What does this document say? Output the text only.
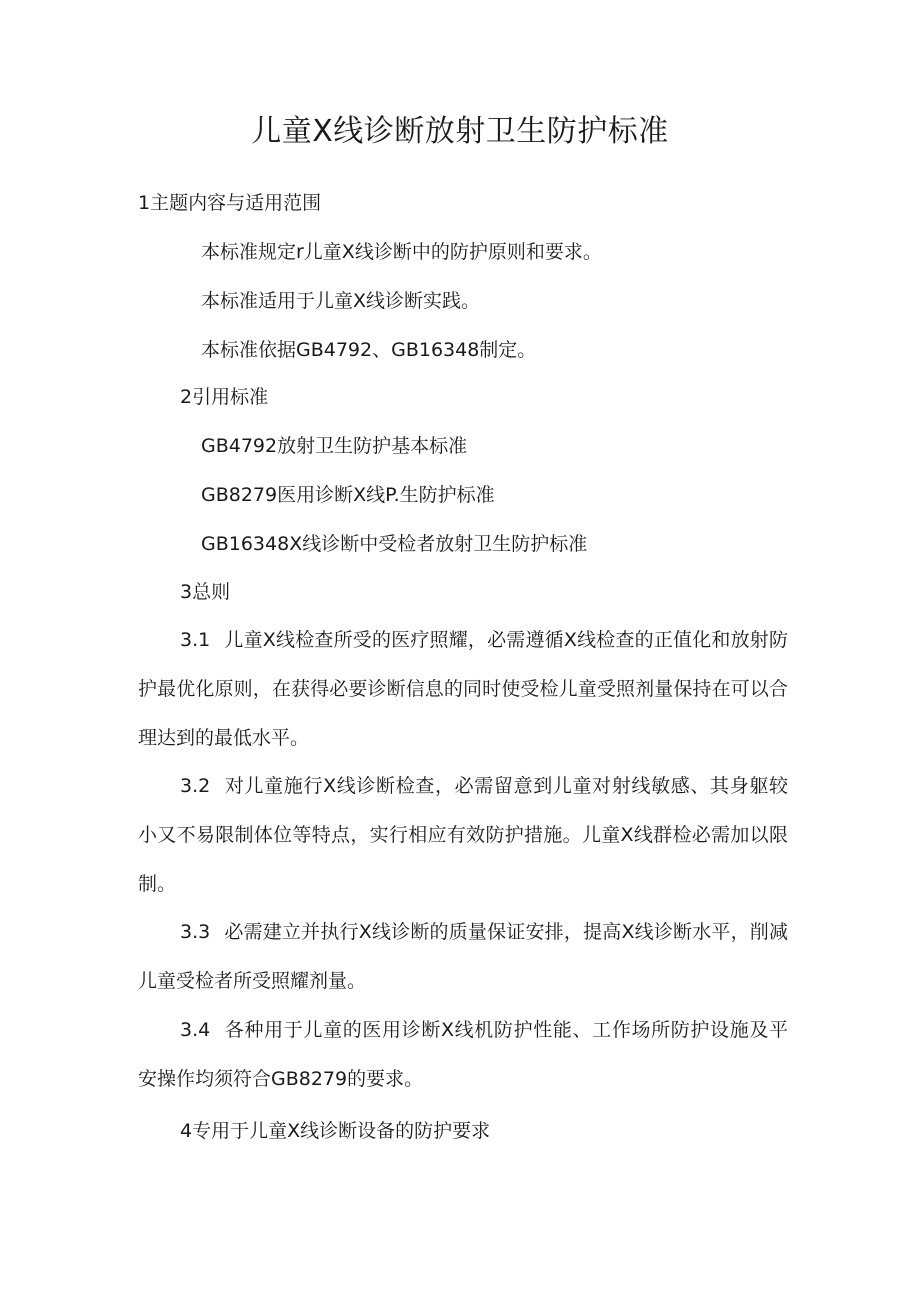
儿童X线诊断放射卫生防护标准
1主题内容与适用范围
本标准规定r儿童X线诊断中的防护原则和要求。
本标准适用于儿童X线诊断实践。
本标准依据GB4792、GB16348制定。
2引用标准
GB4792放射卫生防护基本标准
GB8279医用诊断X线P.生防护标准
GB16348X线诊断中受检者放射卫生防护标准
3总则
3.1 儿童X线检查所受的医疗照耀，必需遵循X线检查的正值化和放射防护最优化原则，在获得必要诊断信息的同时使受检儿童受照剂量保持在可以合理达到的最低水平。
3.2 对儿童施行X线诊断检查，必需留意到儿童对射线敏感、其身躯较小又不易限制体位等特点，实行相应有效防护措施。儿童X线群检必需加以限制。
3.3 必需建立并执行X线诊断的质量保证安排，提高X线诊断水平，削减儿童受检者所受照耀剂量。
3.4 各种用于儿童的医用诊断X线机防护性能、工作场所防护设施及平安操作均须符合GB8279的要求。
4专用于儿童X线诊断设备的防护要求
